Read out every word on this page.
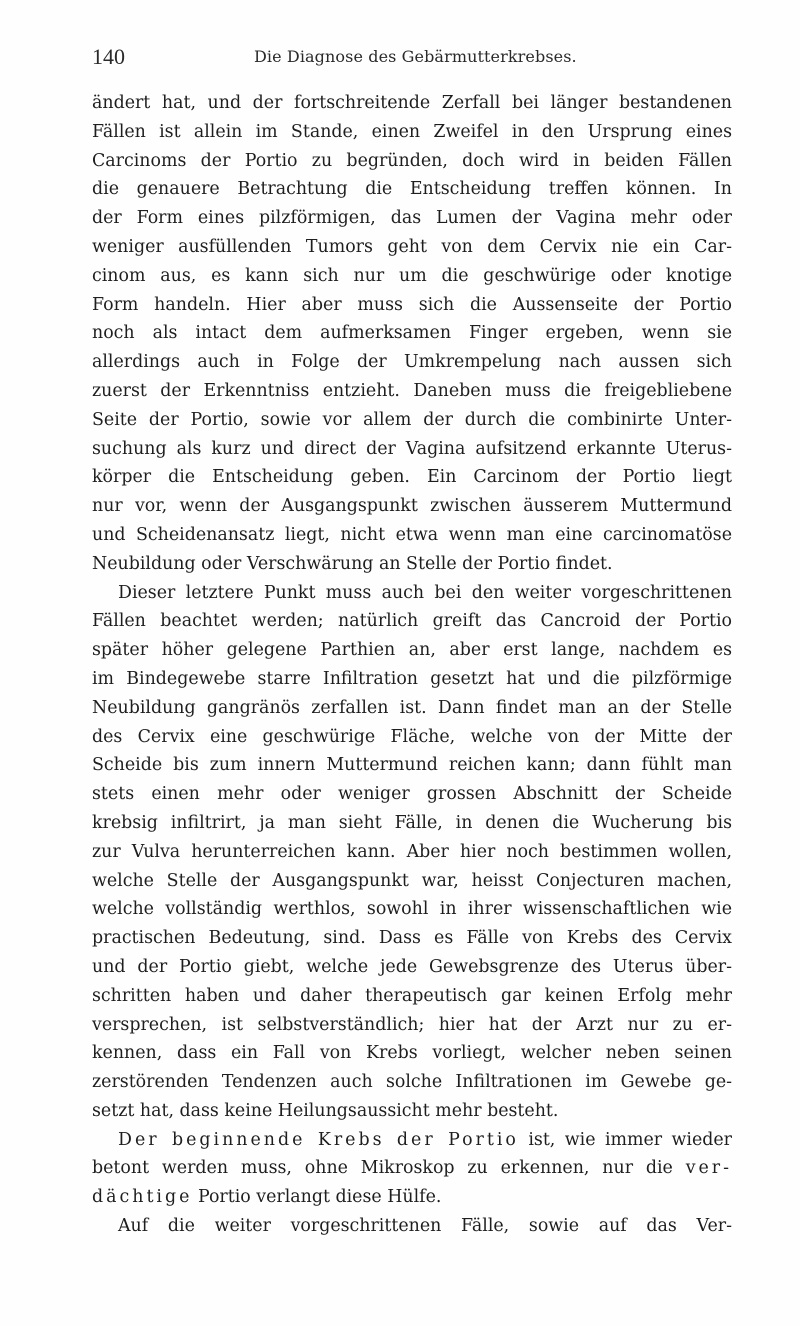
140	Die Diagnose des Gebärmutterkrebses.
ändert hat, und der fortschreitende Zerfall bei länger bestandenen
Fällen ist allein im Stande, einen Zweifel in den Ursprung eines
Carcinoms der Portio zu begründen, doch wird in beiden Fällen
die genauere Betrachtung die Entscheidung treffen können. In
der Form eines pilzförmigen, das Lumen der Vagina mehr oder
weniger ausfüllenden Tumors geht von dem Cervix nie ein Car-
cinom aus, es kann sich nur um die geschwürige oder knotige
Form handeln. Hier aber muss sich die Aussenseite der Portio
noch als intact dem aufmerksamen Finger ergeben, wenn sie
allerdings auch in Folge der Umkrempelung nach aussen sich
zuerst der Erkenntniss entzieht. Daneben muss die freigebliebene
Seite der Portio, sowie vor allem der durch die combinirte Unter-
suchung als kurz und direct der Vagina aufsitzend erkannte Uterus-
körper die Entscheidung geben. Ein Carcinom der Portio liegt
nur vor, wenn der Ausgangspunkt zwischen äusserem Muttermund
und Scheidenansatz liegt, nicht etwa wenn man eine carcinomatöse
Neubildung oder Verschwärung an Stelle der Portio findet.
Dieser letztere Punkt muss auch bei den weiter vorgeschrittenen
Fällen beachtet werden; natürlich greift das Cancroid der Portio
später höher gelegene Parthien an, aber erst lange, nachdem es
im Bindegewebe starre Infiltration gesetzt hat und die pilzförmige
Neubildung gangränös zerfallen ist. Dann findet man an der Stelle
des Cervix eine geschwürige Fläche, welche von der Mitte der
Scheide bis zum innern Muttermund reichen kann; dann fühlt man
stets einen mehr oder weniger grossen Abschnitt der Scheide
krebsig infiltrirt, ja man sieht Fälle, in denen die Wucherung bis
zur Vulva herunterreichen kann. Aber hier noch bestimmen wollen,
welche Stelle der Ausgangspunkt war, heisst Conjecturen machen,
welche vollständig werthlos, sowohl in ihrer wissenschaftlichen wie
practischen Bedeutung, sind. Dass es Fälle von Krebs des Cervix
und der Portio giebt, welche jede Gewebsgrenze des Uterus über-
schritten haben und daher therapeutisch gar keinen Erfolg mehr
versprechen, ist selbstverständlich; hier hat der Arzt nur zu er-
kennen, dass ein Fall von Krebs vorliegt, welcher neben seinen
zerstörenden Tendenzen auch solche Infiltrationen im Gewebe ge-
setzt hat, dass keine Heilungsaussicht mehr besteht.
Der beginnende Krebs der Portio ist, wie immer wieder
betont werden muss, ohne Mikroskop zu erkennen, nur die ver-
dächtige Portio verlangt diese Hülfe.
Auf die weiter vorgeschrittenen Fälle, sowie auf das Ver-
